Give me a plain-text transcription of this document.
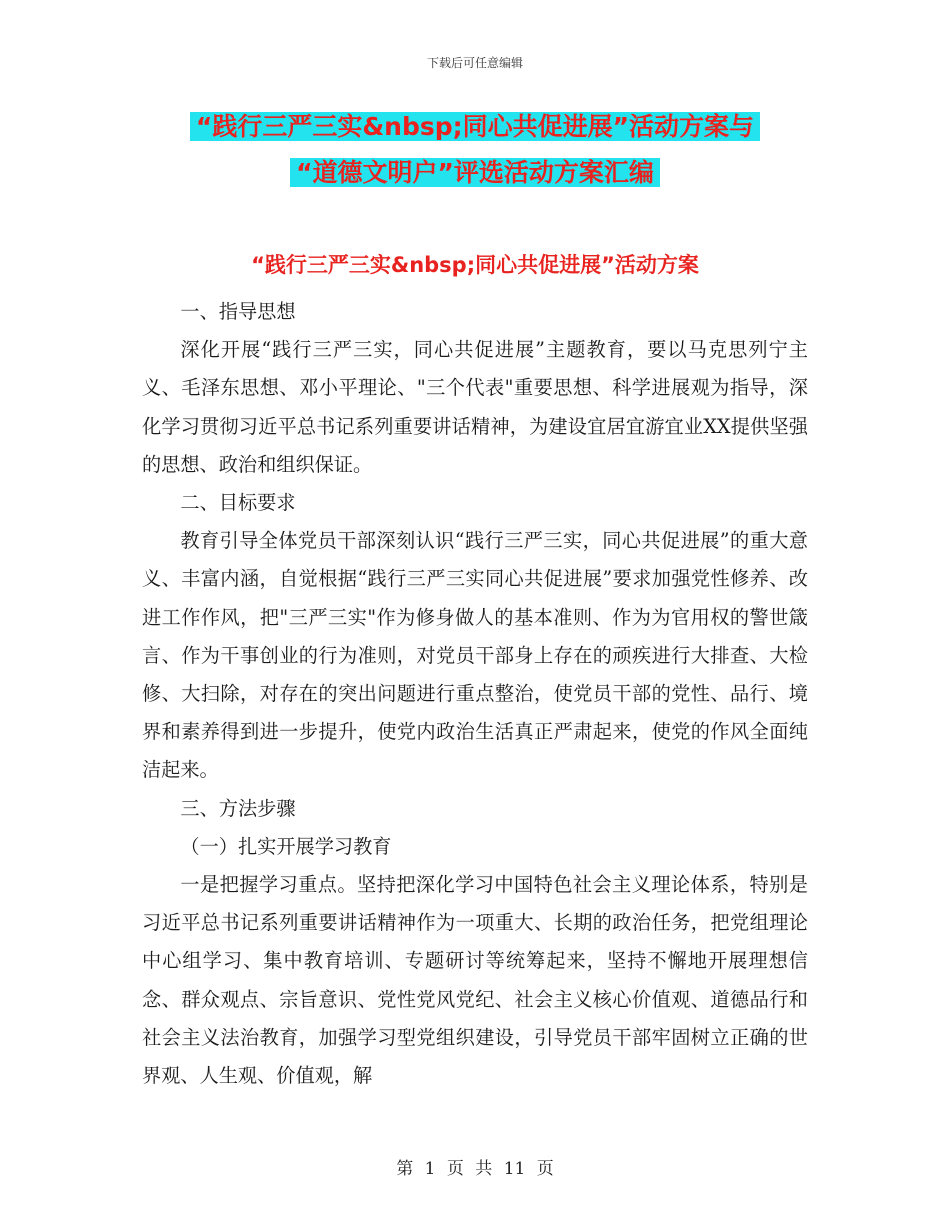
下载后可任意编辑
“践行三严三实&nbsp;同心共促进展”活动方案与
“道德文明户”评选活动方案汇编
“践行三严三实&nbsp;同心共促进展”活动方案

一、指导思想

深化开展“践行三严三实，同心共促进展”主题教育，要以马克思列宁主义、毛泽东思想、邓小平理论、"三个代表"重要思想、科学进展观为指导，深化学习贯彻习近平总书记系列重要讲话精神，为建设宜居宜游宜业XX提供坚强的思想、政治和组织保证。

二、目标要求

教育引导全体党员干部深刻认识“践行三严三实，同心共促进展”的重大意义、丰富内涵，自觉根据“践行三严三实同心共促进展”要求加强党性修养、改进工作作风，把"三严三实"作为修身做人的基本准则、作为为官用权的警世箴言、作为干事创业的行为准则，对党员干部身上存在的顽疾进行大排查、大检修、大扫除，对存在的突出问题进行重点整治，使党员干部的党性、品行、境界和素养得到进一步提升，使党内政治生活真正严肃起来，使党的作风全面纯洁起来。

三、方法步骤

（一）扎实开展学习教育

一是把握学习重点。坚持把深化学习中国特色社会主义理论体系，特别是习近平总书记系列重要讲话精神作为一项重大、长期的政治任务，把党组理论中心组学习、集中教育培训、专题研讨等统筹起来，坚持不懈地开展理想信念、群众观点、宗旨意识、党性党风党纪、社会主义核心价值观、道德品行和社会主义法治教育，加强学习型党组织建设，引导党员干部牢固树立正确的世界观、人生观、价值观，解

第 1 页 共 11 页
